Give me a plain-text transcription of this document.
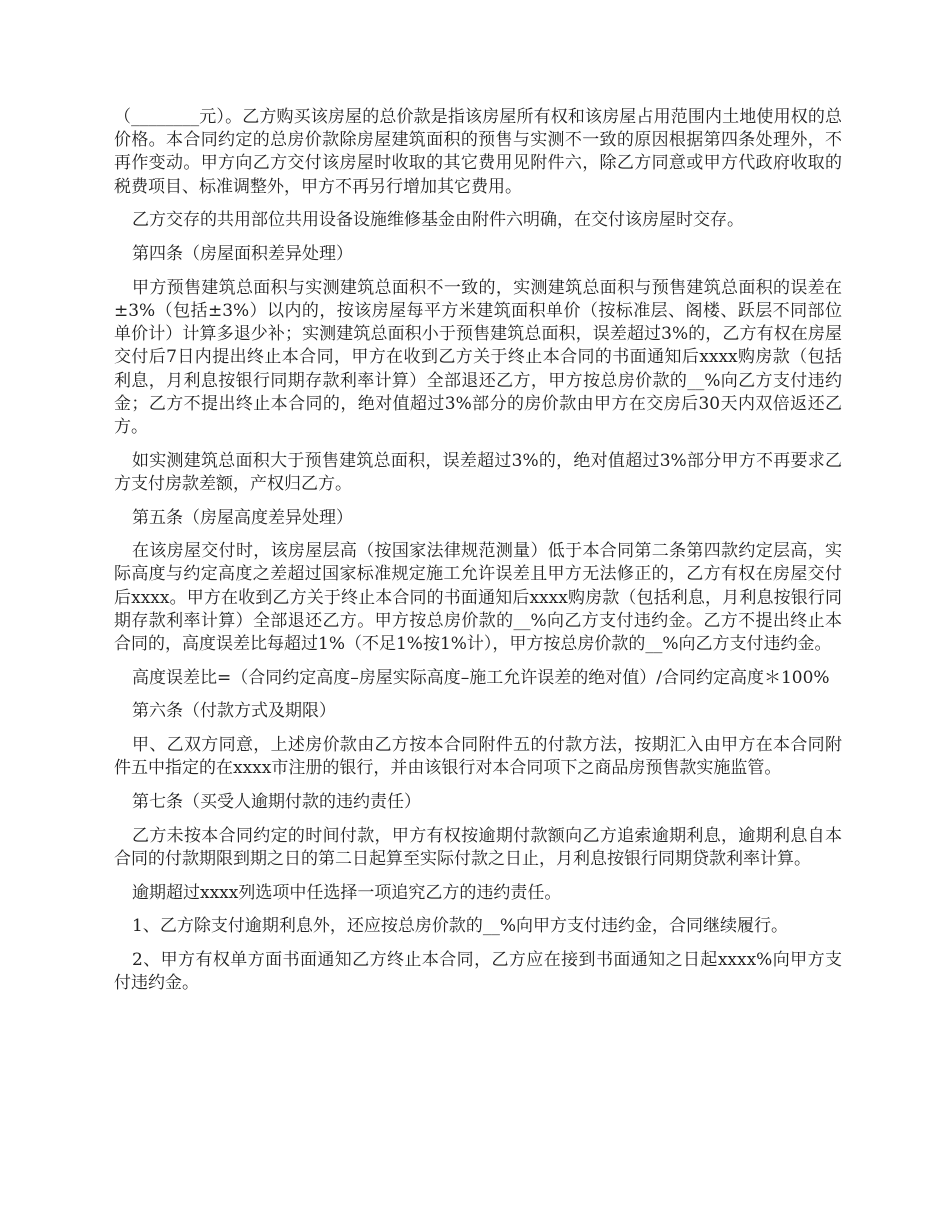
（________元）。乙方购买该房屋的总价款是指该房屋所有权和该房屋占用范围内土地使用权的总价格。本合同约定的总房价款除房屋建筑面积的预售与实测不一致的原因根据第四条处理外，不再作变动。甲方向乙方交付该房屋时收取的其它费用见附件六，除乙方同意或甲方代政府收取的税费项目、标准调整外，甲方不再另行增加其它费用。

乙方交存的共用部位共用设备设施维修基金由附件六明确，在交付该房屋时交存。

第四条（房屋面积差异处理）

甲方预售建筑总面积与实测建筑总面积不一致的，实测建筑总面积与预售建筑总面积的误差在±3%（包括±3%）以内的，按该房屋每平方米建筑面积单价（按标准层、阁楼、跃层不同部位单价计）计算多退少补；实测建筑总面积小于预售建筑总面积，误差超过3%的，乙方有权在房屋交付后7日内提出终止本合同，甲方在收到乙方关于终止本合同的书面通知后xxxx购房款（包括利息，月利息按银行同期存款利率计算）全部退还乙方，甲方按总房价款的__%向乙方支付违约金；乙方不提出终止本合同的，绝对值超过3%部分的房价款由甲方在交房后30天内双倍返还乙方。

如实测建筑总面积大于预售建筑总面积，误差超过3%的，绝对值超过3%部分甲方不再要求乙方支付房款差额，产权归乙方。

第五条（房屋高度差异处理）

在该房屋交付时，该房屋层高（按国家法律规范测量）低于本合同第二条第四款约定层高，实际高度与约定高度之差超过国家标准规定施工允许误差且甲方无法修正的，乙方有权在房屋交付后xxxx。甲方在收到乙方关于终止本合同的书面通知后xxxx购房款（包括利息，月利息按银行同期存款利率计算）全部退还乙方。甲方按总房价款的__%向乙方支付违约金。乙方不提出终止本合同的，高度误差比每超过1%（不足1%按1%计），甲方按总房价款的__%向乙方支付违约金。

高度误差比=（合同约定高度–房屋实际高度–施工允许误差的绝对值）/合同约定高度＊100%

第六条（付款方式及期限）

甲、乙双方同意，上述房价款由乙方按本合同附件五的付款方法，按期汇入由甲方在本合同附件五中指定的在xxxx市注册的银行，并由该银行对本合同项下之商品房预售款实施监管。

第七条（买受人逾期付款的违约责任）

乙方未按本合同约定的时间付款，甲方有权按逾期付款额向乙方追索逾期利息，逾期利息自本合同的付款期限到期之日的第二日起算至实际付款之日止，月利息按银行同期贷款利率计算。

逾期超过xxxx列选项中任选择一项追究乙方的违约责任。

1、乙方除支付逾期利息外，还应按总房价款的__%向甲方支付违约金，合同继续履行。

2、甲方有权单方面书面通知乙方终止本合同，乙方应在接到书面通知之日起xxxx%向甲方支付违约金。
